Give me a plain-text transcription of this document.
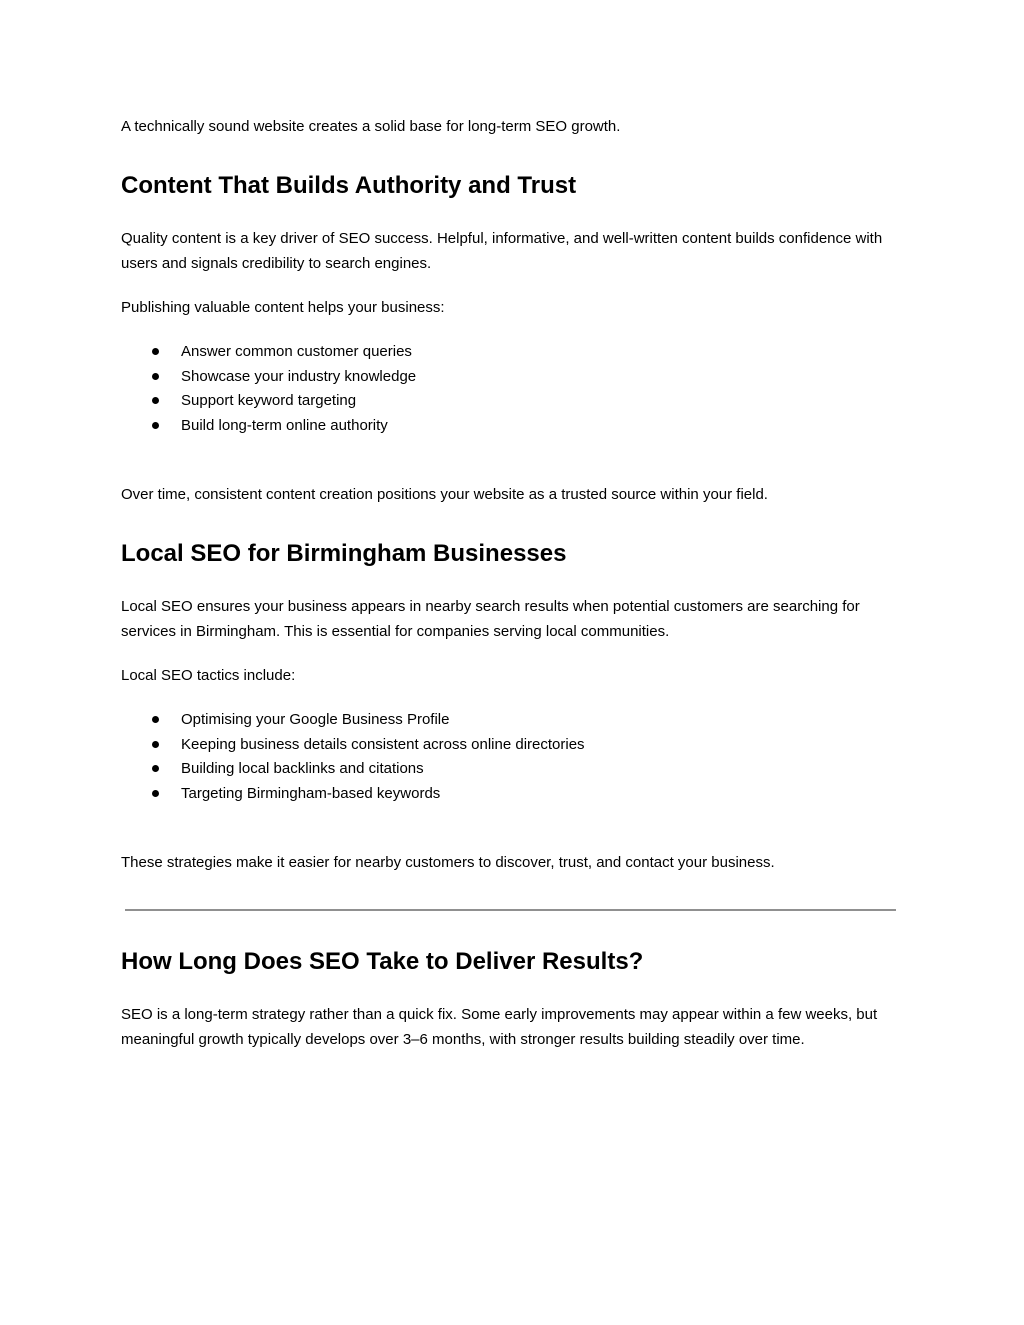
A technically sound website creates a solid base for long-term SEO growth.

Content That Builds Authority and Trust

Quality content is a key driver of SEO success. Helpful, informative, and well-written content builds confidence with users and signals credibility to search engines.

Publishing valuable content helps your business:

Answer common customer queries
Showcase your industry knowledge
Support keyword targeting
Build long-term online authority

Over time, consistent content creation positions your website as a trusted source within your field.

Local SEO for Birmingham Businesses

Local SEO ensures your business appears in nearby search results when potential customers are searching for services in Birmingham. This is essential for companies serving local communities.

Local SEO tactics include:

Optimising your Google Business Profile
Keeping business details consistent across online directories
Building local backlinks and citations
Targeting Birmingham-based keywords

These strategies make it easier for nearby customers to discover, trust, and contact your business.

How Long Does SEO Take to Deliver Results?

SEO is a long-term strategy rather than a quick fix. Some early improvements may appear within a few weeks, but meaningful growth typically develops over 3–6 months, with stronger results building steadily over time.
